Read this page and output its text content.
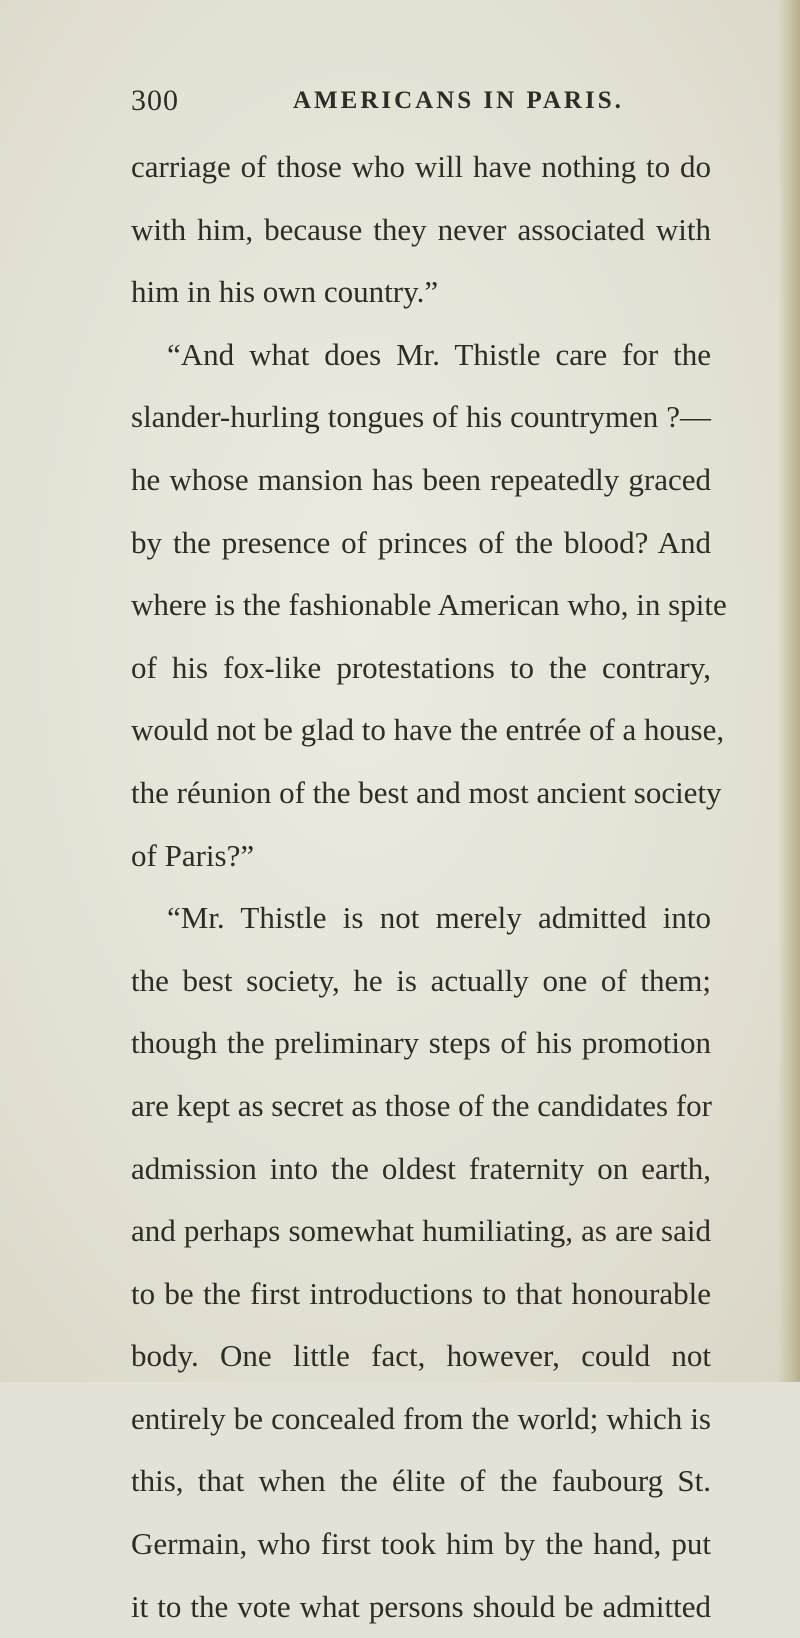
300	AMERICANS IN PARIS.
carriage of those who will have nothing to do
with him, because they never associated with
him in his own country.”
“And what does Mr. Thistle care for the
slander-hurling tongues of his countrymen ?—
he whose mansion has been repeatedly graced
by the presence of princes of the blood? And
where is the fashionable American who, in spite
of his fox-like protestations to the contrary,
would not be glad to have the entrée of a house,
the réunion of the best and most ancient society
of Paris?”
“Mr. Thistle is not merely admitted into
the best society, he is actually one of them;
though the preliminary steps of his promotion
are kept as secret as those of the candidates for
admission into the oldest fraternity on earth,
and perhaps somewhat humiliating, as are said
to be the first introductions to that honourable
body. One little fact, however, could not
entirely be concealed from the world; which is
this, that when the élite of the faubourg St.
Germain, who first took him by the hand, put
it to the vote what persons should be admitted
